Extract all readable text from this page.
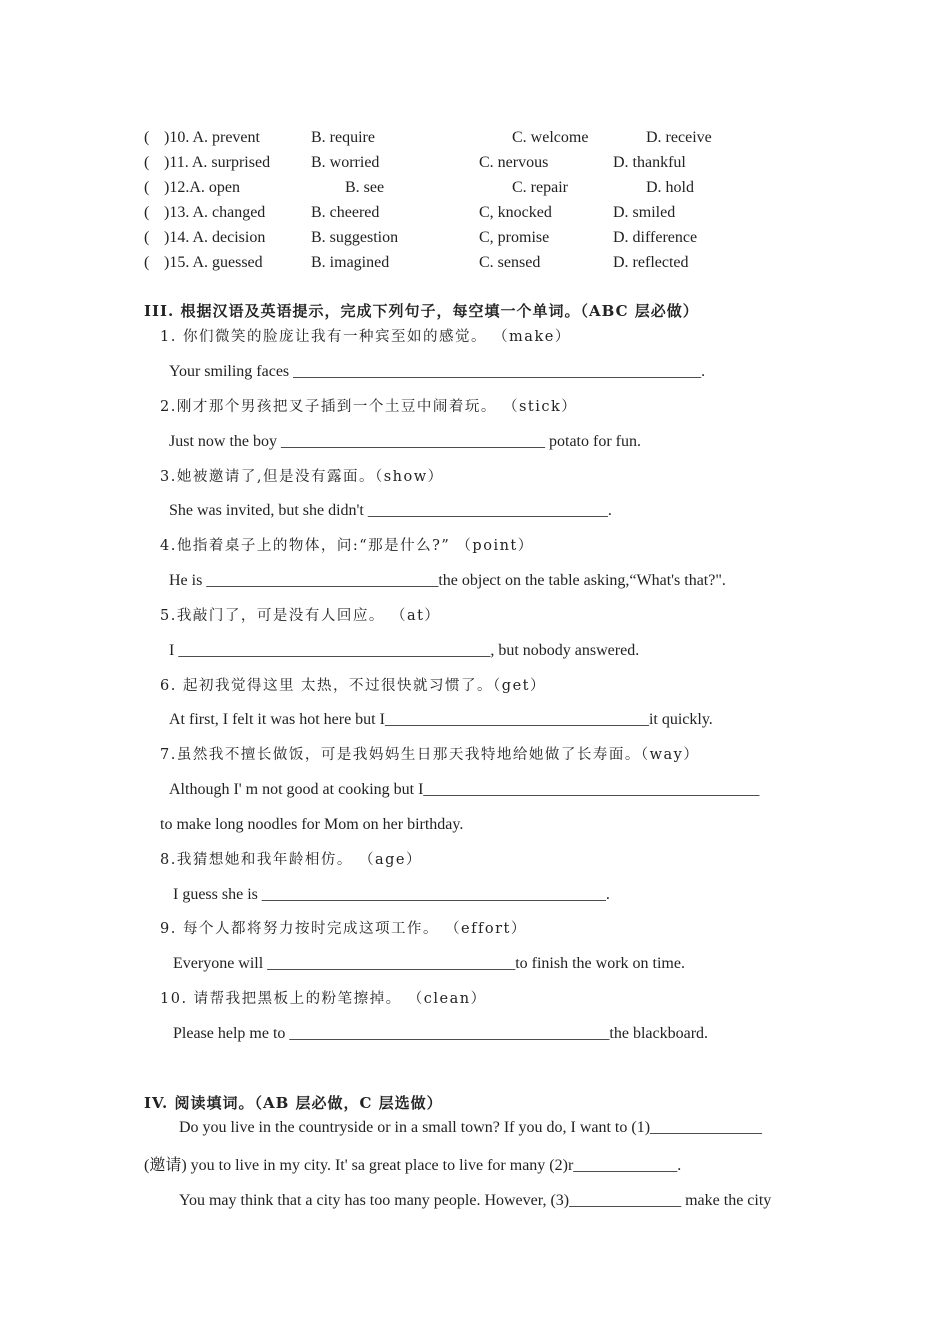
( )10. A. prevent	B. require	C. welcome	D. receive
( )11. A. surprised	B. worried	C. nervous	D. thankful
( )12.A. open	B. see	C. repair	D. hold
( )13. A. changed	B. cheered	C, knocked	D. smiled
( )14. A. decision	B. suggestion	C, promise	D. difference
( )15. A. guessed	B. imagined	C. sensed	D. reflected
III. 根据汉语及英语提示，完成下列句子，每空填一个单词。（ABC 层必做）
1. 你们微笑的脸庞让我有一种宾至如的感觉。 （make）
Your smiling faces ___________________________________________________.
2.刚才那个男孩把叉子插到一个土豆中闹着玩。 （stick）
Just now the boy _________________________________ potato for fun.
3.她被邀请了,但是没有露面。（show）
She was invited, but she didn't ______________________________.
4.他指着桌子上的物体，问:“那是什么?” （point）
He is _____________________________the object on the table asking,“What's that?".
5.我敲门了，可是没有人回应。 （at）
I _______________________________________, but nobody answered.
6. 起初我觉得这里 太热，不过很快就习惯了。（get）
At first, I felt it was hot here but I_________________________________it quickly.
7.虽然我不擅长做饭，可是我妈妈生日那天我特地给她做了长寿面。（way）
Although I' m not good at cooking but I__________________________________________
to make long noodles for Mom on her birthday.
8.我猜想她和我年龄相仿。 （age）
I guess she is ___________________________________________.
9. 每个人都将努力按时完成这项工作。 （effort）
Everyone will _______________________________to finish the work on time.
10. 请帮我把黑板上的粉笔擦掉。 （clean）
Please help me to ________________________________________the blackboard.
IV. 阅读填词。（AB 层必做，C 层选做）
Do you live in the countryside or in a small town? If you do, I want to (1)______________
(邀请) you to live in my city. It' sa great place to live for many (2)r_____________.
You may think that a city has too many people. However, (3)______________ make the city
